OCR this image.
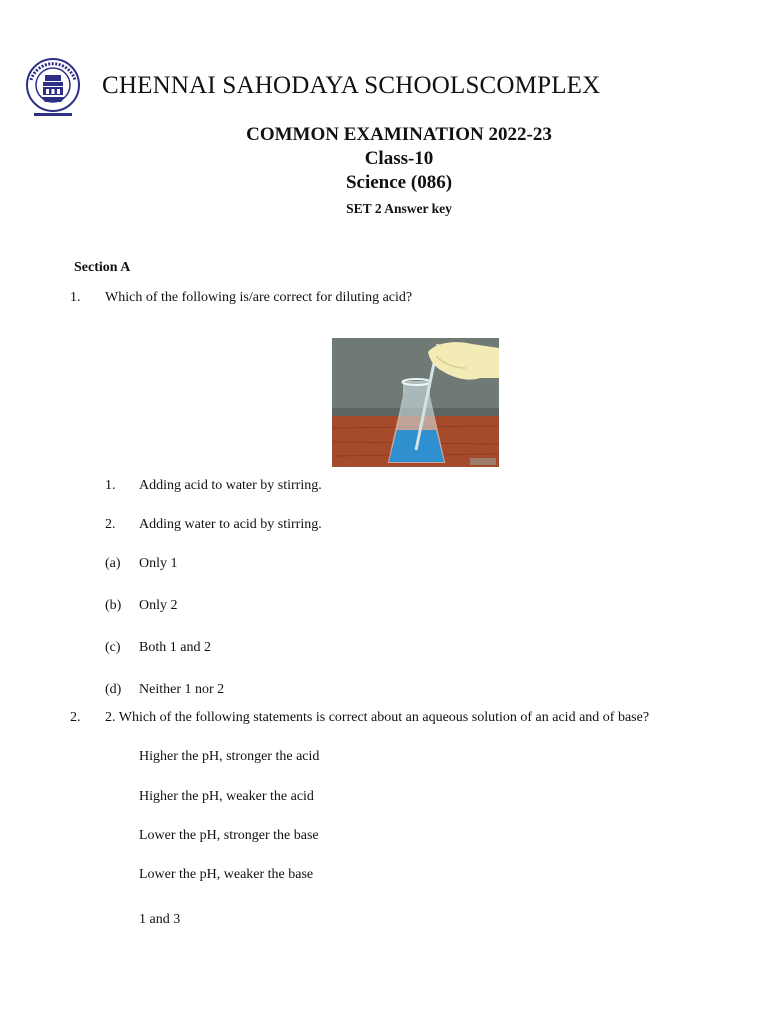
CHENNAI SAHODAYA SCHOOLSCOMPLEX
COMMON EXAMINATION 2022-23
Class-10
Science (086)
SET 2 Answer key
Section A
1. Which of the following is/are correct for diluting acid?
1. Adding acid to water by stirring.
2. Adding water to acid by stirring.
(a) Only 1
(b) Only 2
(c) Both 1 and 2
(d) Neither 1 nor 2
2. 2. Which of the following statements is correct about an aqueous solution of an acid and of base?
Higher the pH, stronger the acid
Higher the pH, weaker the acid
Lower the pH, stronger the base
Lower the pH, weaker the base
1 and 3
